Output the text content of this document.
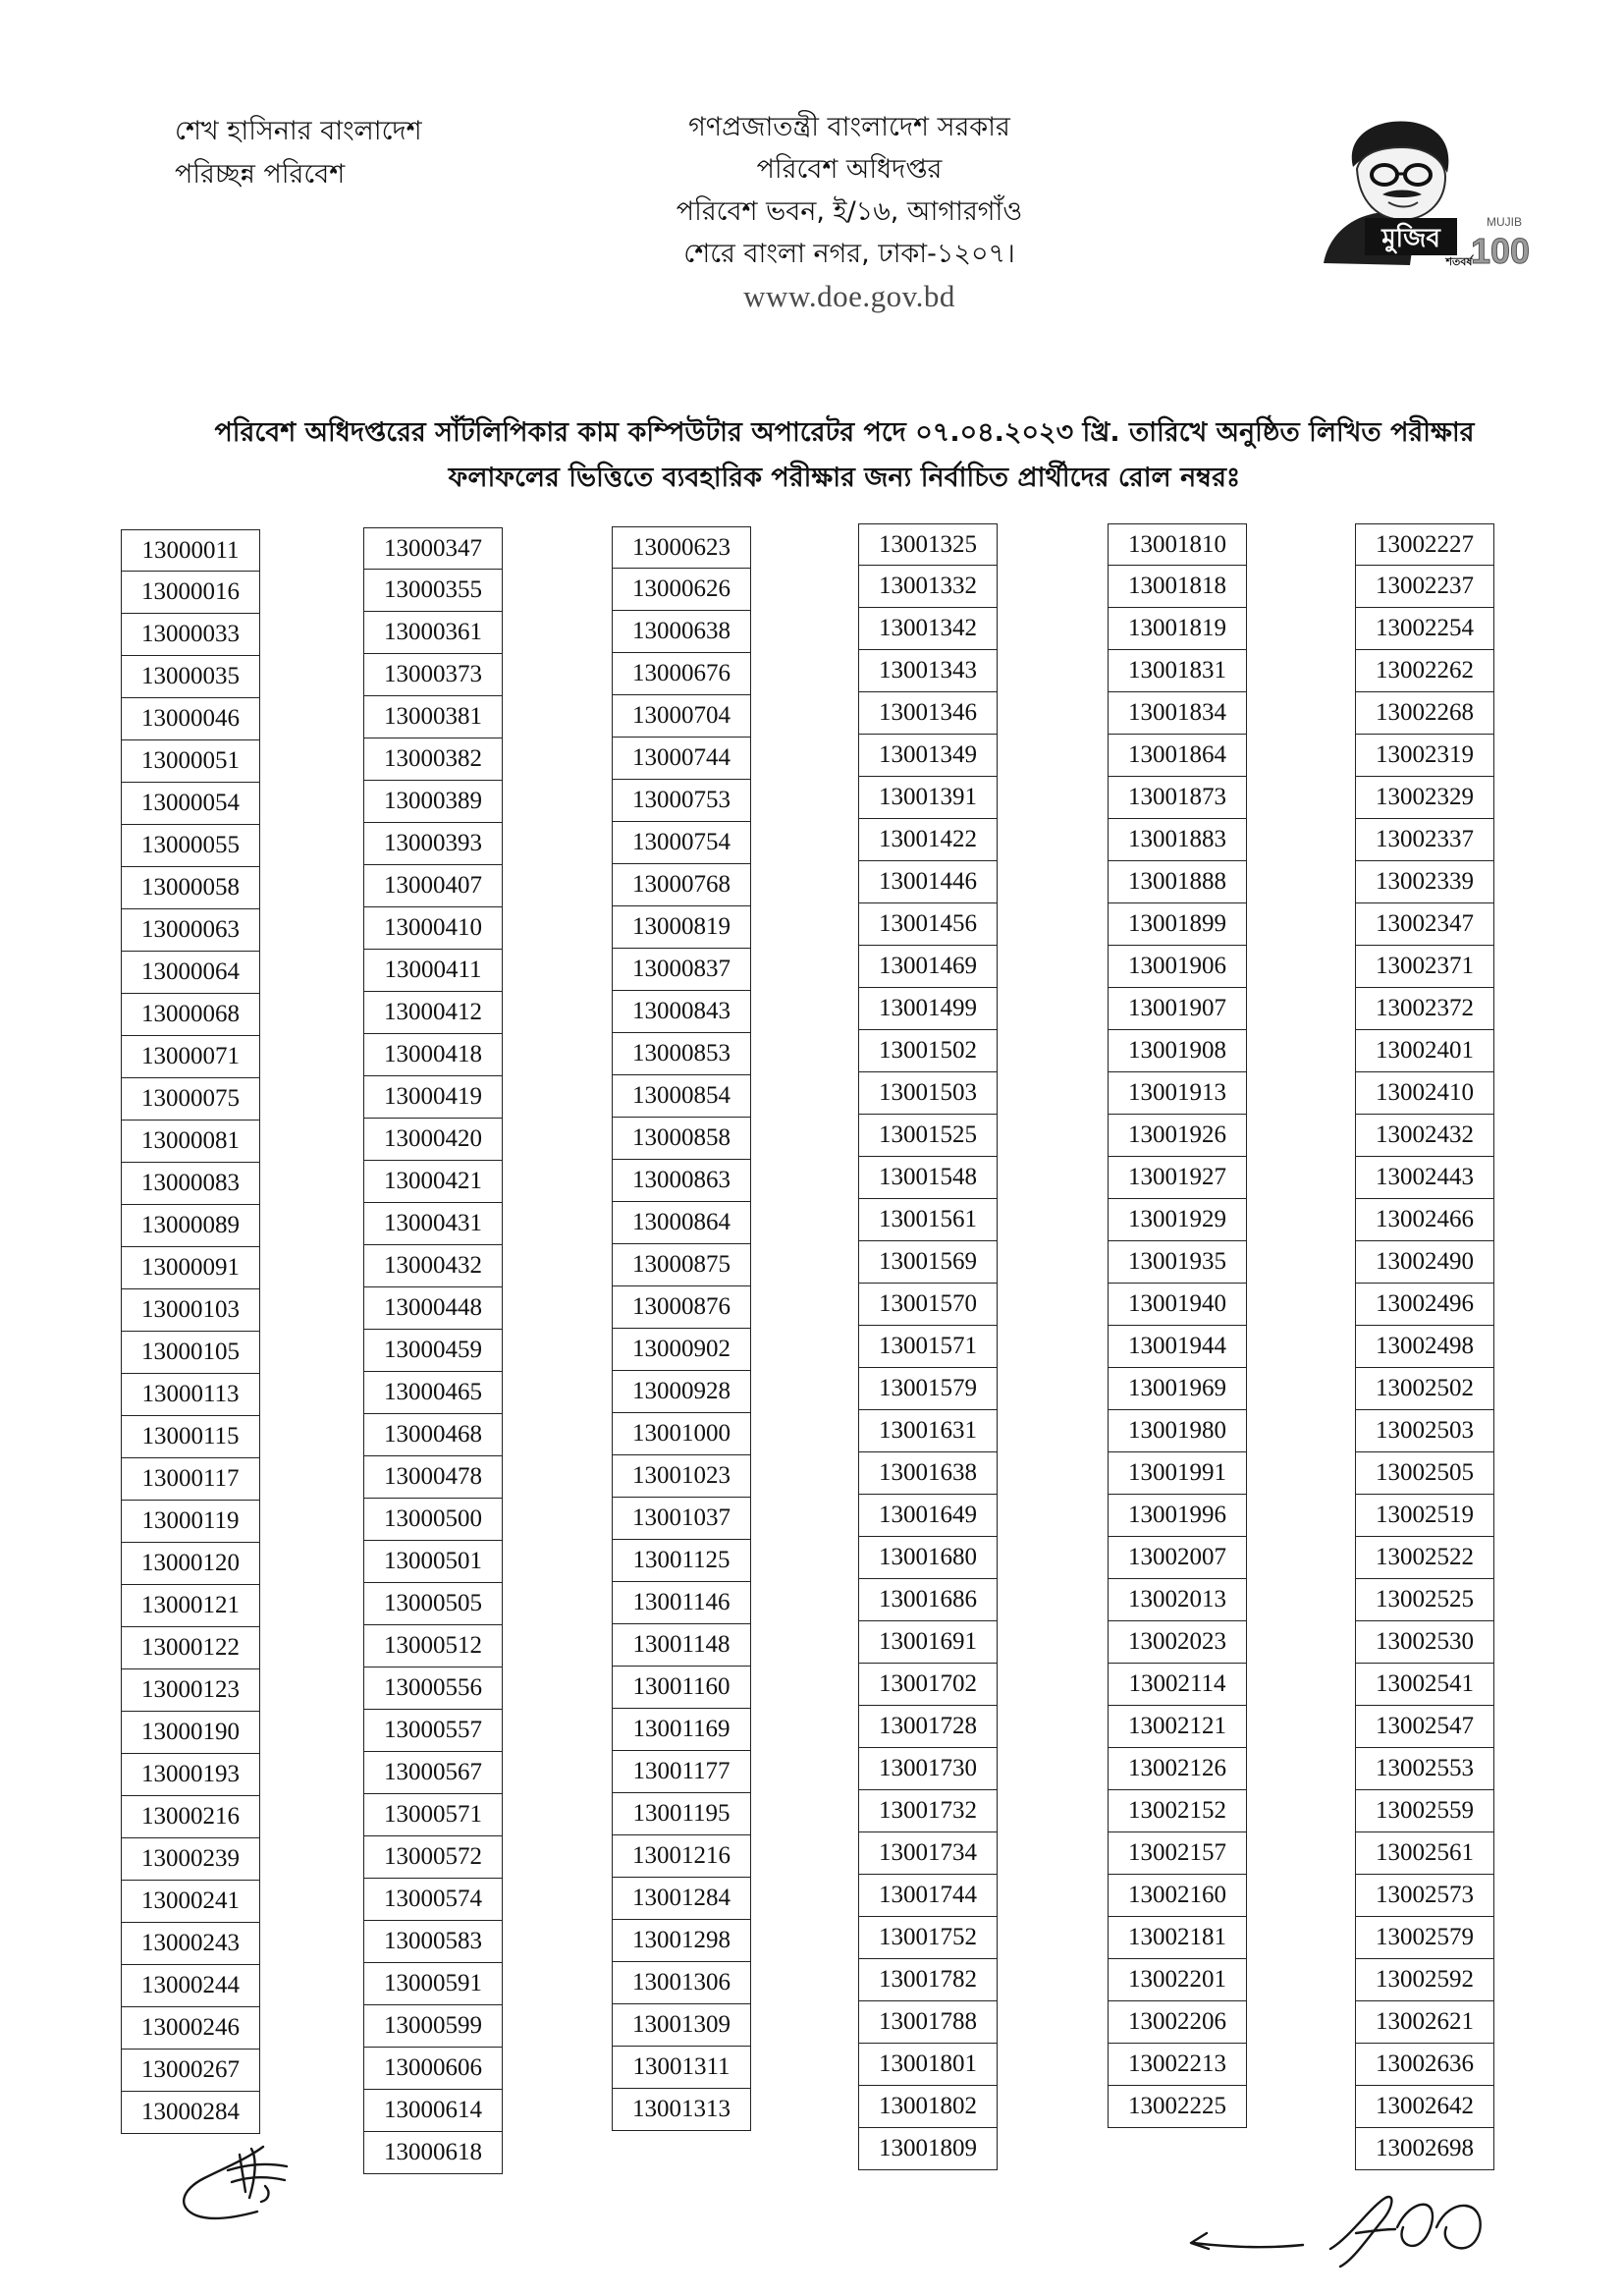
শেখ হাসিনার বাংলাদেশ
পরিচ্ছন্ন পরিবেশ
গণপ্রজাতন্ত্রী বাংলাদেশ সরকার
পরিবেশ অধিদপ্তর
পরিবেশ ভবন, ই/১৬, আগারগাঁও
শেরে বাংলা নগর, ঢাকা-১২০৭।
www.doe.gov.bd
মুজিব
শতবর্ষ
MUJIB
100
পরিবেশ অধিদপ্তরের সাঁটলিপিকার কাম কম্পিউটার অপারেটর পদে ০৭.০৪.২০২৩ খ্রি. তারিখে অনুষ্ঠিত লিখিত পরীক্ষার
ফলাফলের ভিত্তিতে ব্যবহারিক পরীক্ষার জন্য নির্বাচিত প্রার্থীদের রোল নম্বরঃ
13000011
13000016
13000033
13000035
13000046
13000051
13000054
13000055
13000058
13000063
13000064
13000068
13000071
13000075
13000081
13000083
13000089
13000091
13000103
13000105
13000113
13000115
13000117
13000119
13000120
13000121
13000122
13000123
13000190
13000193
13000216
13000239
13000241
13000243
13000244
13000246
13000267
13000284
13000347
13000355
13000361
13000373
13000381
13000382
13000389
13000393
13000407
13000410
13000411
13000412
13000418
13000419
13000420
13000421
13000431
13000432
13000448
13000459
13000465
13000468
13000478
13000500
13000501
13000505
13000512
13000556
13000557
13000567
13000571
13000572
13000574
13000583
13000591
13000599
13000606
13000614
13000618
13000623
13000626
13000638
13000676
13000704
13000744
13000753
13000754
13000768
13000819
13000837
13000843
13000853
13000854
13000858
13000863
13000864
13000875
13000876
13000902
13000928
13001000
13001023
13001037
13001125
13001146
13001148
13001160
13001169
13001177
13001195
13001216
13001284
13001298
13001306
13001309
13001311
13001313
13001325
13001332
13001342
13001343
13001346
13001349
13001391
13001422
13001446
13001456
13001469
13001499
13001502
13001503
13001525
13001548
13001561
13001569
13001570
13001571
13001579
13001631
13001638
13001649
13001680
13001686
13001691
13001702
13001728
13001730
13001732
13001734
13001744
13001752
13001782
13001788
13001801
13001802
13001809
13001810
13001818
13001819
13001831
13001834
13001864
13001873
13001883
13001888
13001899
13001906
13001907
13001908
13001913
13001926
13001927
13001929
13001935
13001940
13001944
13001969
13001980
13001991
13001996
13002007
13002013
13002023
13002114
13002121
13002126
13002152
13002157
13002160
13002181
13002201
13002206
13002213
13002225
13002227
13002237
13002254
13002262
13002268
13002319
13002329
13002337
13002339
13002347
13002371
13002372
13002401
13002410
13002432
13002443
13002466
13002490
13002496
13002498
13002502
13002503
13002505
13002519
13002522
13002525
13002530
13002541
13002547
13002553
13002559
13002561
13002573
13002579
13002592
13002621
13002636
13002642
13002698
